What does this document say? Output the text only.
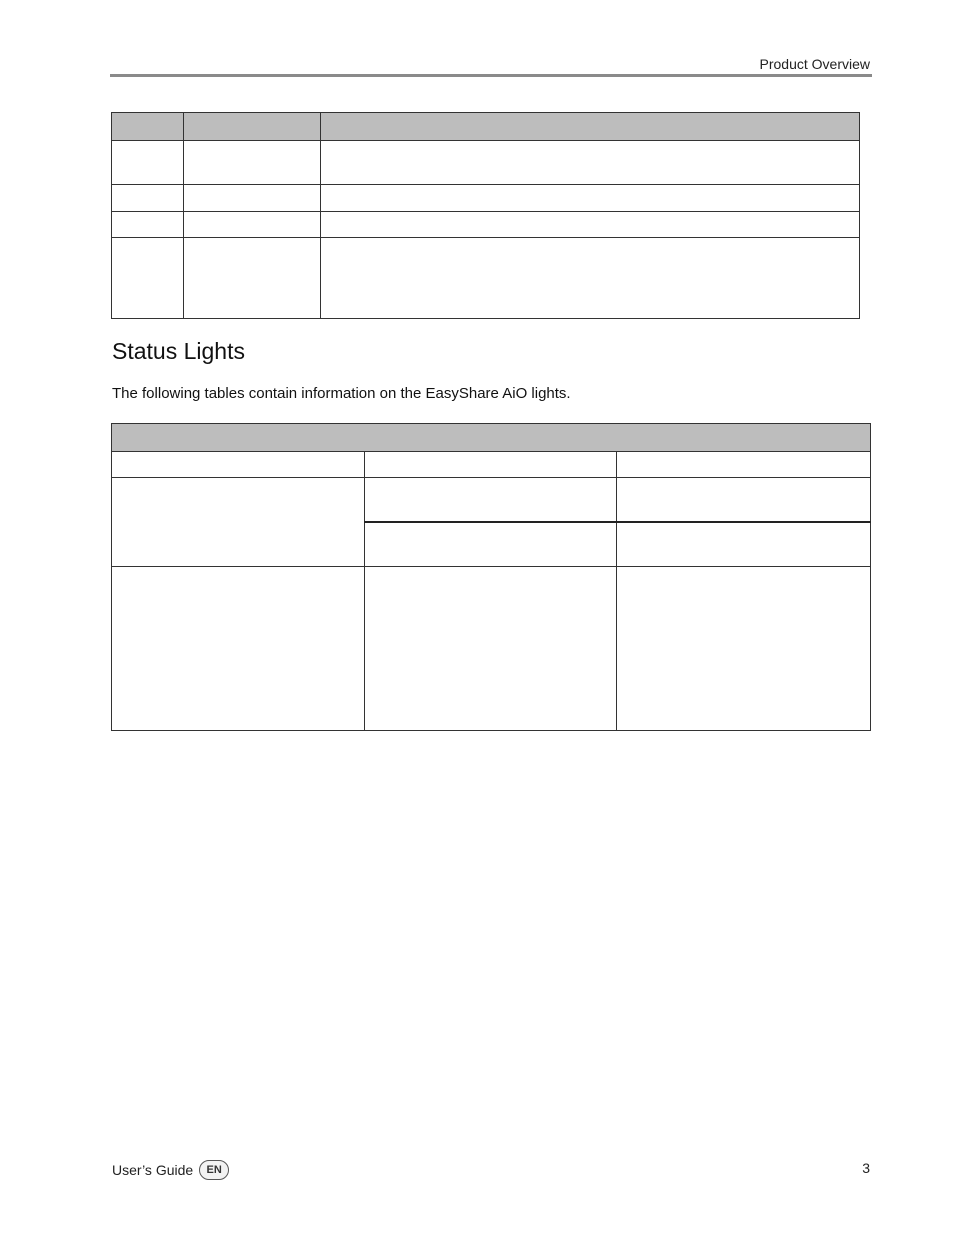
Product Overview

Status Lights

The following tables contain information on the EasyShare AiO lights.

User’s Guide	EN	3
